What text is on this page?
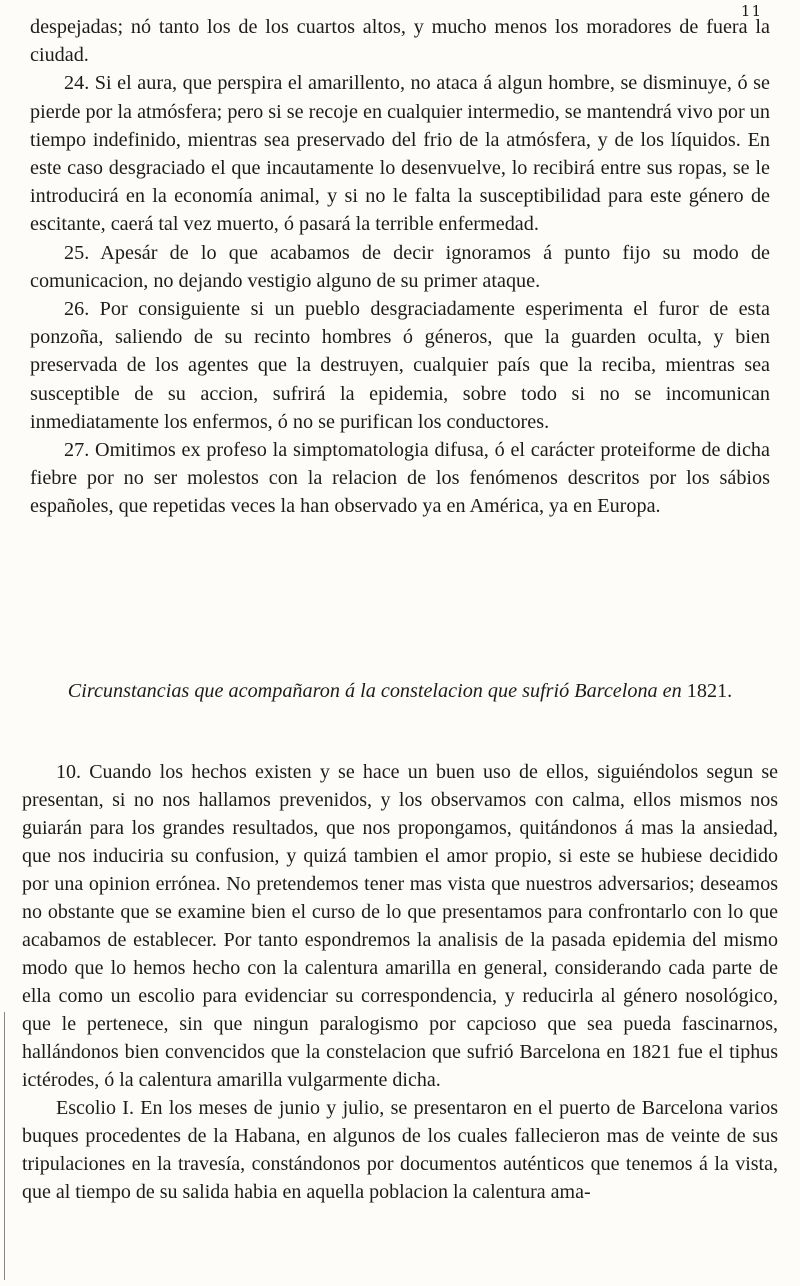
11

despejadas; nó tanto los de los cuartos altos, y mucho menos los moradores de fuera la ciudad.

24. Si el aura, que perspira el amarillento, no ataca á algun hombre, se disminuye, ó se pierde por la atmósfera; pero si se recoje en cualquier intermedio, se mantendrá vivo por un tiempo indefinido, mientras sea preservado del frio de la atmósfera, y de los líquidos. En este caso desgraciado el que incautamente lo desenvuelve, lo recibirá entre sus ropas, se le introducirá en la economía animal, y si no le falta la susceptibilidad para este género de escitante, caerá tal vez muerto, ó pasará la terrible enfermedad.

25. Apesár de lo que acabamos de decir ignoramos á punto fijo su modo de comunicacion, no dejando vestigio alguno de su primer ataque.

26. Por consiguiente si un pueblo desgraciadamente esperimenta el furor de esta ponzoña, saliendo de su recinto hombres ó géneros, que la guarden oculta, y bien preservada de los agentes que la destruyen, cualquier país que la reciba, mientras sea susceptible de su accion, sufrirá la epidemia, sobre todo si no se incomunican inmediatamente los enfermos, ó no se purifican los conductores.

27. Omitimos ex profeso la simptomatologia difusa, ó el carácter proteiforme de dicha fiebre por no ser molestos con la relacion de los fenómenos descritos por los sábios españoles, que repetidas veces la han observado ya en América, ya en Europa.

Circunstancias que acompañaron á la constelacion que sufrió Barcelona en 1821.

10. Cuando los hechos existen y se hace un buen uso de ellos, siguiéndolos segun se presentan, si no nos hallamos prevenidos, y los observamos con calma, ellos mismos nos guiarán para los grandes resultados, que nos propongamos, quitándonos á mas la ansiedad, que nos induciria su confusion, y quizá tambien el amor propio, si este se hubiese decidido por una opinion errónea. No pretendemos tener mas vista que nuestros adversarios; deseamos no obstante que se examine bien el curso de lo que presentamos para confrontarlo con lo que acabamos de establecer. Por tanto espondremos la analisis de la pasada epidemia del mismo modo que lo hemos hecho con la calentura amarilla en general, considerando cada parte de ella como un escolio para evidenciar su correspondencia, y reducirla al género nosológico, que le pertenece, sin que ningun paralogismo por capcioso que sea pueda fascinarnos, hallándonos bien convencidos que la constelacion que sufrió Barcelona en 1821 fue el tiphus ictérodes, ó la calentura amarilla vulgarmente dicha.

Escolio I. En los meses de junio y julio, se presentaron en el puerto de Barcelona varios buques procedentes de la Habana, en algunos de los cuales fallecieron mas de veinte de sus tripulaciones en la travesía, constándonos por documentos auténticos que tenemos á la vista, que al tiempo de su salida habia en aquella poblacion la calentura ama-
